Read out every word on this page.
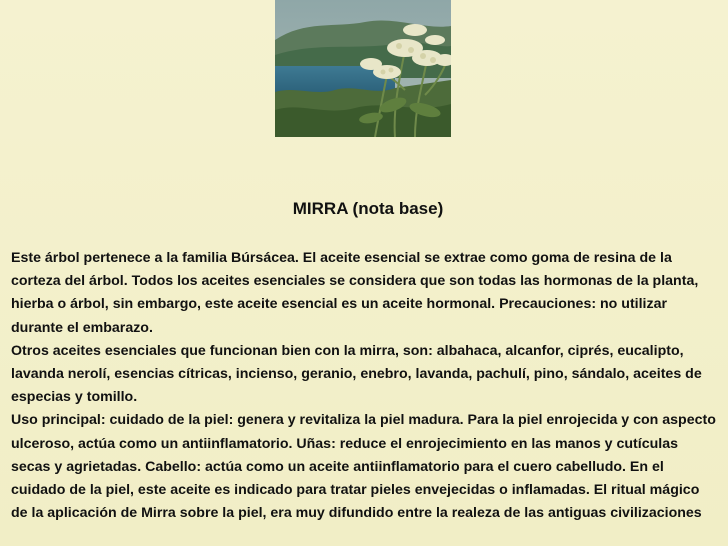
MIRRA (nota base)

Este árbol pertenece a la familia Búrsácea. El aceite esencial se extrae como goma de resina de la corteza del árbol. Todos los aceites esenciales se considera que son todas las hormonas de la planta, hierba o árbol, sin embargo, este aceite esencial es un aceite hormonal. Precauciones: no utilizar durante el embarazo.

Otros aceites esenciales que funcionan bien con la mirra, son: albahaca, alcanfor, ciprés, eucalipto, lavanda nerolí, esencias cítricas, incienso, geranio, enebro, lavanda, pachulí, pino, sándalo, aceites de especias y tomillo.

Uso principal: cuidado de la piel: genera y revitaliza la piel madura. Para la piel enrojecida y con aspecto ulceroso, actúa como un antiinflamatorio. Uñas: reduce el enrojecimiento en las manos y cutículas secas y agrietadas. Cabello: actúa como un aceite antiinflamatorio para el cuero cabelludo. En el cuidado de la piel, este aceite es indicado para tratar pieles envejecidas o inflamadas. El ritual mágico de la aplicación de Mirra sobre la piel, era muy difundido entre la realeza de las antiguas civilizaciones
